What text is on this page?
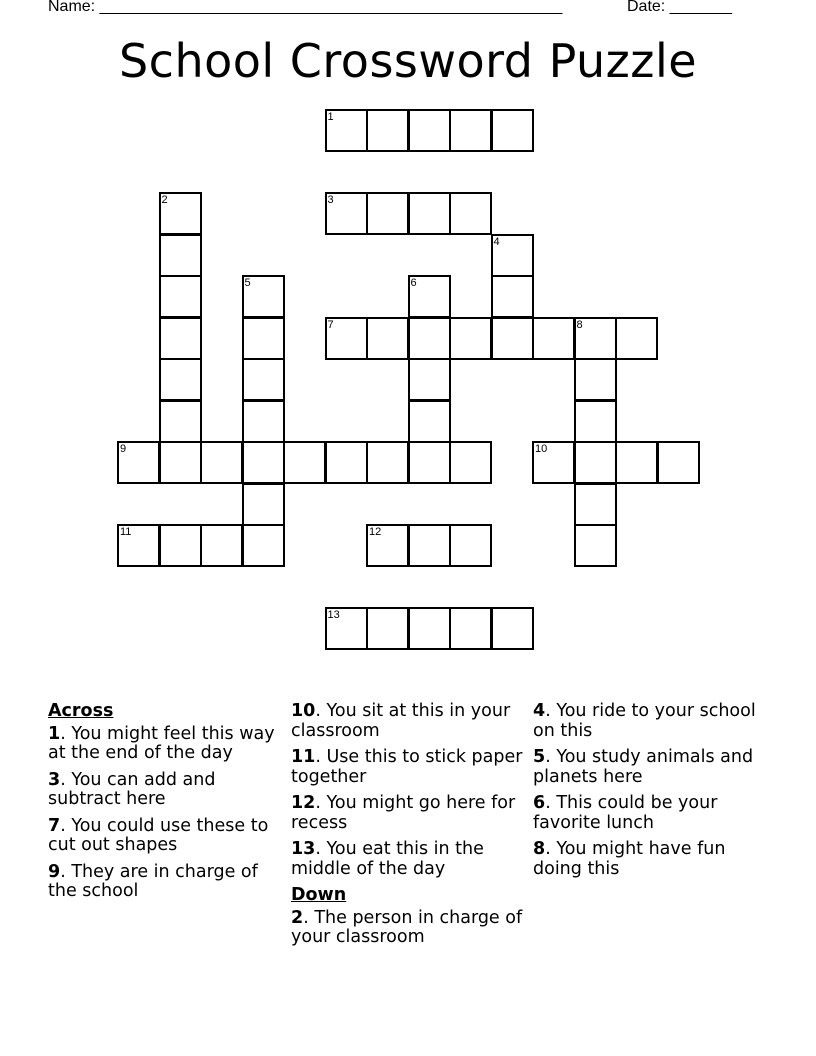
Name: ____________________________________________________	Date: _______
School Crossword Puzzle
1
2	3
4
5	6
7	8
9	10
11	12
13
Across
1. You might feel this way at the end of the day
3. You can add and subtract here
7. You could use these to cut out shapes
9. They are in charge of the school
10. You sit at this in your classroom
11. Use this to stick paper together
12. You might go here for recess
13. You eat this in the middle of the day
Down
2. The person in charge of your classroom
4. You ride to your school on this
5. You study animals and planets here
6. This could be your favorite lunch
8. You might have fun doing this
